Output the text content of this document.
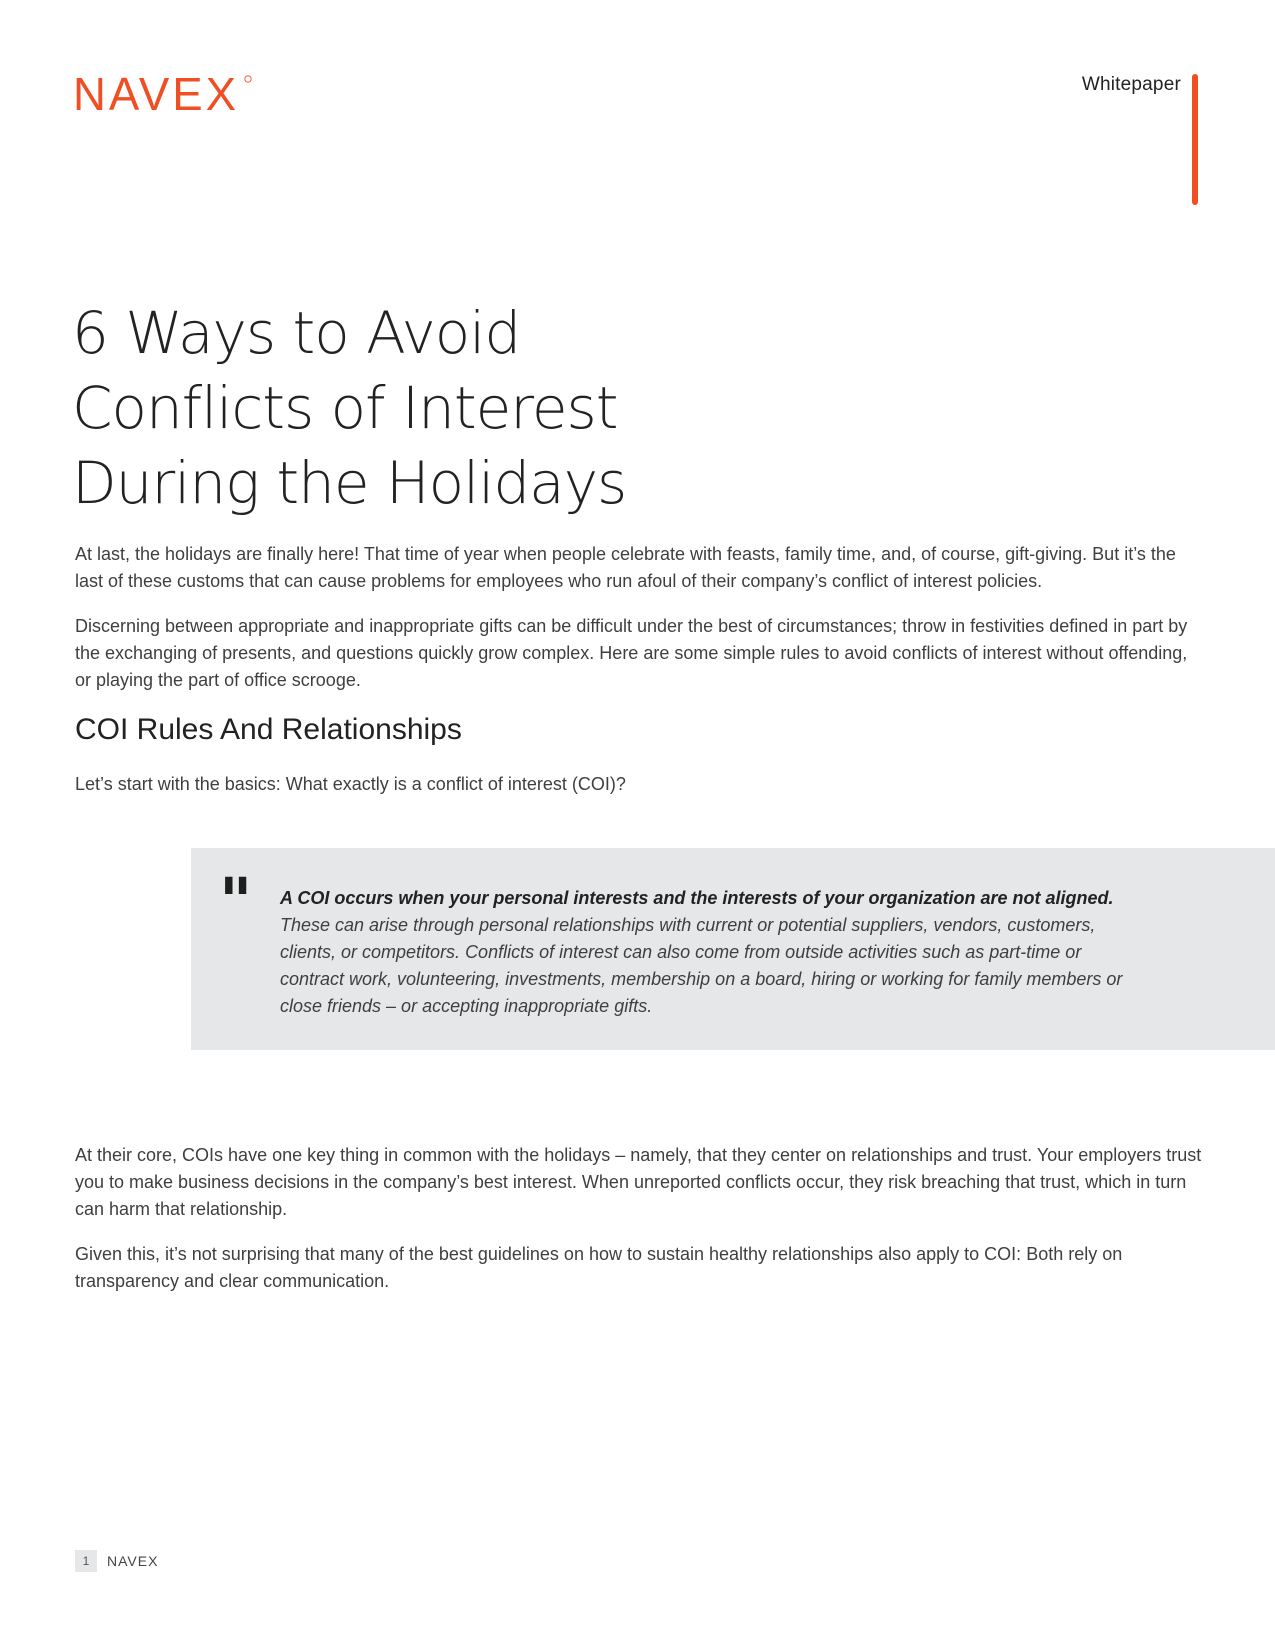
NAVEX	Whitepaper
6 Ways to Avoid
Conflicts of Interest
During the Holidays

At last, the holidays are finally here! That time of year when people celebrate with feasts, family time, and, of course, gift-giving. But it’s the last of these customs that can cause problems for employees who run afoul of their company’s conflict of interest policies.

Discerning between appropriate and inappropriate gifts can be difficult under the best of circumstances; throw in festivities defined in part by the exchanging of presents, and questions quickly grow complex. Here are some simple rules to avoid conflicts of interest without offending, or playing the part of office scrooge.

COI Rules And Relationships

Let’s start with the basics: What exactly is a conflict of interest (COI)?

" A COI occurs when your personal interests and the interests of your organization are not aligned.
These can arise through personal relationships with current or potential suppliers, vendors, customers, clients, or competitors. Conflicts of interest can also come from outside activities such as part-time or contract work, volunteering, investments, membership on a board, hiring or working for family members or close friends – or accepting inappropriate gifts.

At their core, COIs have one key thing in common with the holidays – namely, that they center on relationships and trust. Your employers trust you to make business decisions in the company’s best interest. When unreported conflicts occur, they risk breaching that trust, which in turn can harm that relationship.

Given this, it’s not surprising that many of the best guidelines on how to sustain healthy relationships also apply to COI: Both rely on transparency and clear communication.

1	NAVEX
